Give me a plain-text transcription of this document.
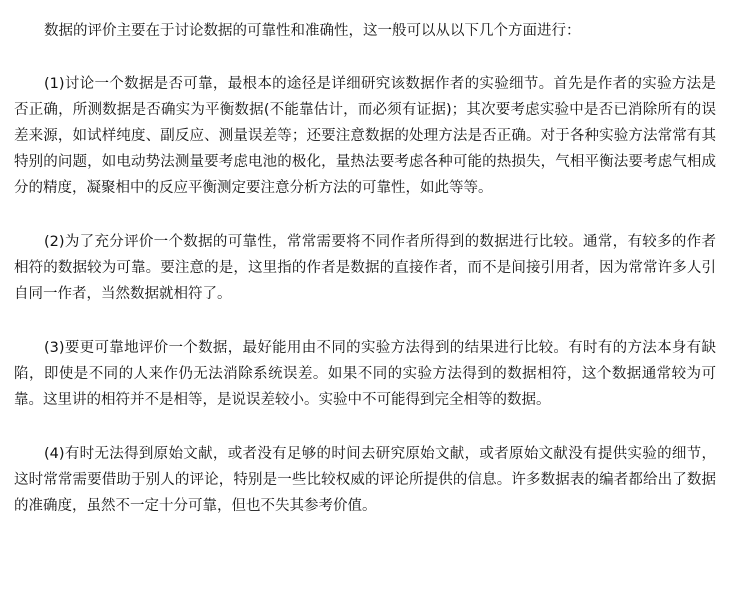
数据的评价主要在于讨论数据的可靠性和准确性，这一般可以从以下几个方面进行：

(1)讨论一个数据是否可靠，最根本的途径是详细研究该数据作者的实验细节。首先是作者的实验方法是否正确，所测数据是否确实为平衡数据(不能靠估计，而必须有证据)；其次要考虑实验中是否已消除所有的误差来源，如试样纯度、副反应、测量误差等；还要注意数据的处理方法是否正确。对于各种实验方法常常有其特别的问题，如电动势法测量要考虑电池的极化，量热法要考虑各种可能的热损失，气相平衡法要考虑气相成分的精度，凝聚相中的反应平衡测定要注意分析方法的可靠性，如此等等。

(2)为了充分评价一个数据的可靠性，常常需要将不同作者所得到的数据进行比较。通常，有较多的作者相符的数据较为可靠。要注意的是，这里指的作者是数据的直接作者，而不是间接引用者，因为常常许多人引自同一作者，当然数据就相符了。

(3)要更可靠地评价一个数据，最好能用由不同的实验方法得到的结果进行比较。有时有的方法本身有缺陷，即使是不同的人来作仍无法消除系统误差。如果不同的实验方法得到的数据相符，这个数据通常较为可靠。这里讲的相符并不是相等，是说误差较小。实验中不可能得到完全相等的数据。

(4)有时无法得到原始文献，或者没有足够的时间去研究原始文献，或者原始文献没有提供实验的细节，这时常常需要借助于别人的评论，特别是一些比较权威的评论所提供的信息。许多数据表的编者都给出了数据的准确度，虽然不一定十分可靠，但也不失其参考价值。
